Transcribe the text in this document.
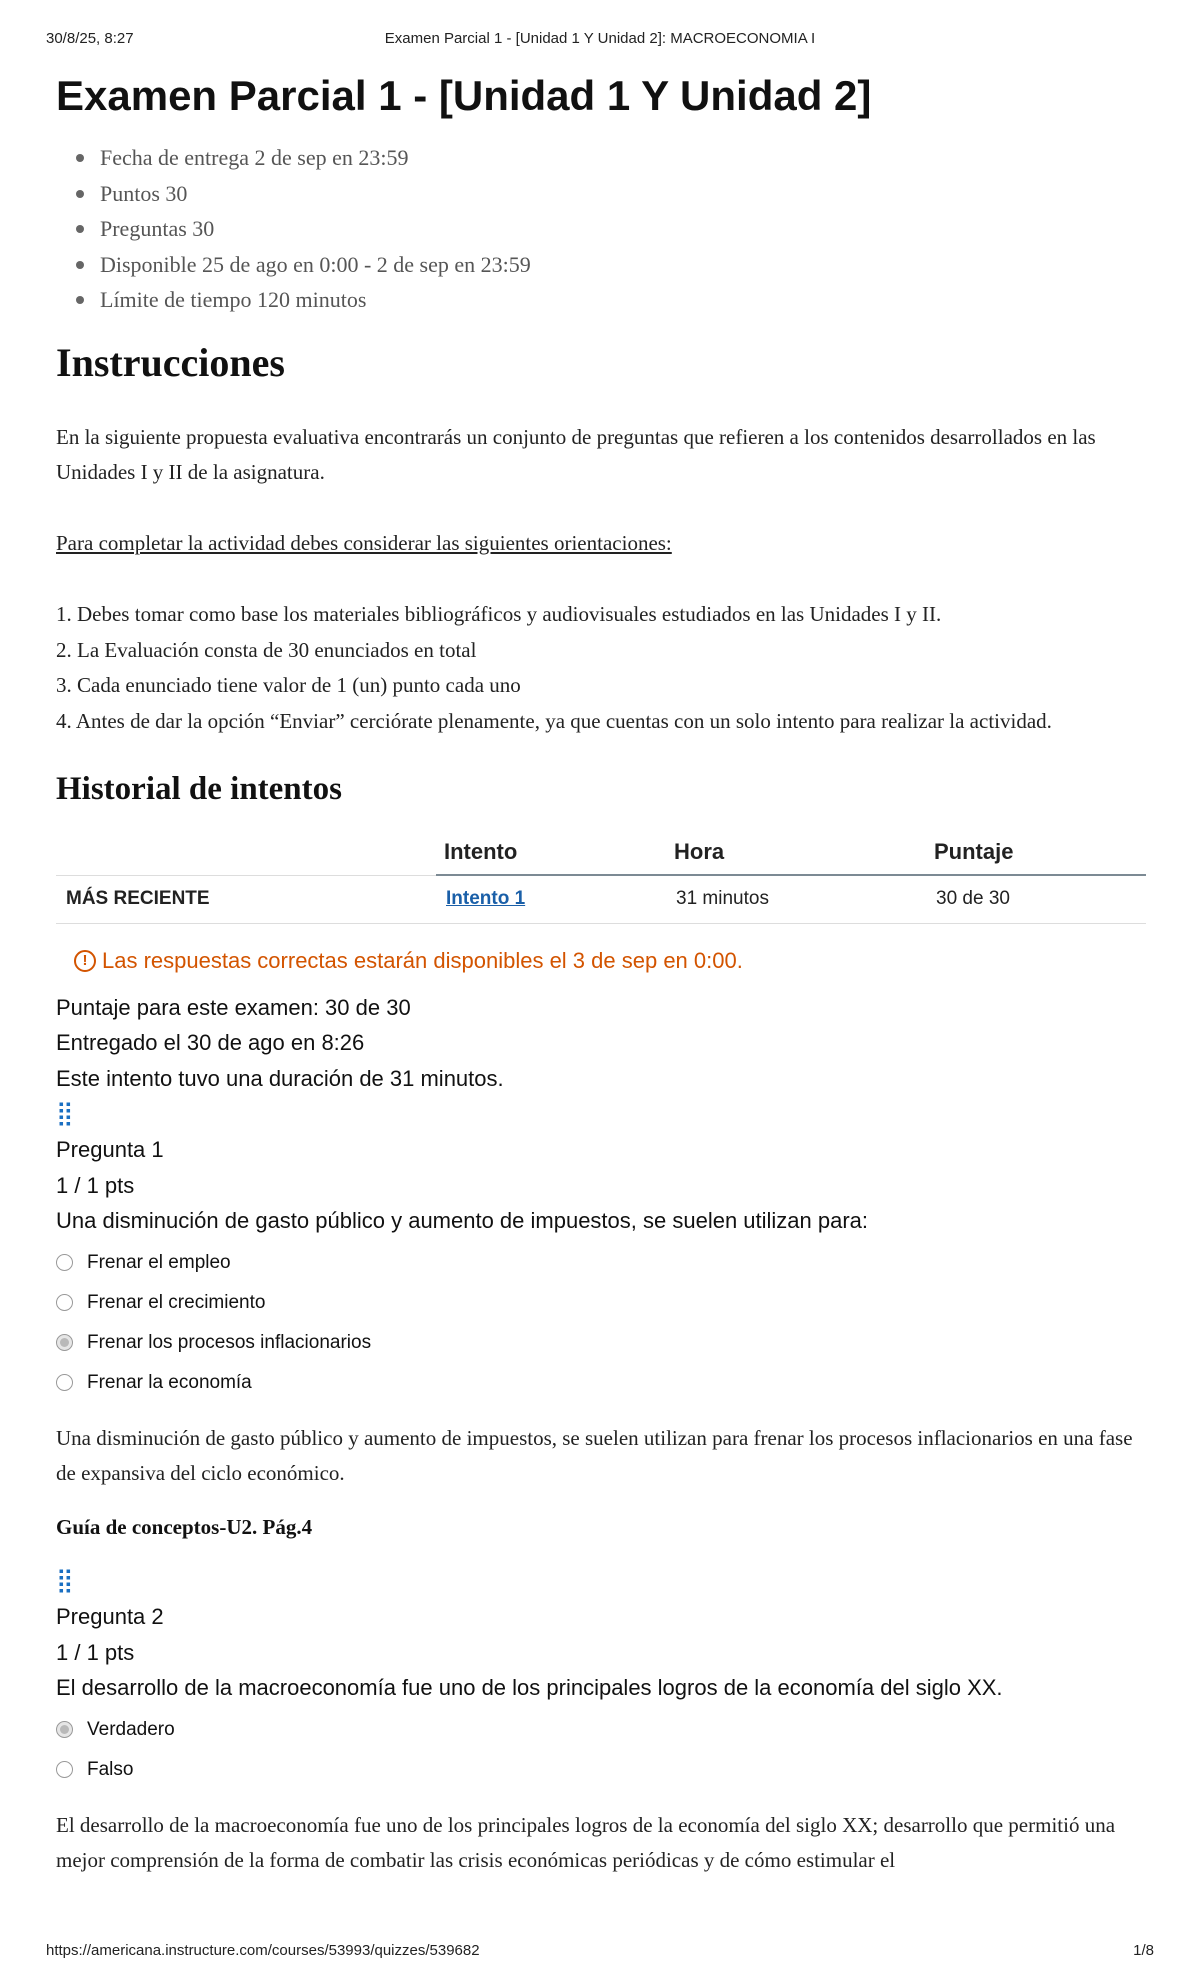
30/8/25, 8:27	Examen Parcial 1 - [Unidad 1 Y Unidad 2]: MACROECONOMIA I
Examen Parcial 1 - [Unidad 1 Y Unidad 2]
Fecha de entrega 2 de sep en 23:59
Puntos 30
Preguntas 30
Disponible 25 de ago en 0:00 - 2 de sep en 23:59
Límite de tiempo 120 minutos
Instrucciones

En la siguiente propuesta evaluativa encontrarás un conjunto de preguntas que refieren a los contenidos desarrollados en las Unidades I y II de la asignatura.

Para completar la actividad debes considerar las siguientes orientaciones:

1. Debes tomar como base los materiales bibliográficos y audiovisuales estudiados en las Unidades I y II.

2. La Evaluación consta de 30 enunciados en total

3. Cada enunciado tiene valor de 1 (un) punto cada uno

4. Antes de dar la opción “Enviar” cerciórate plenamente, ya que cuentas con un solo intento para realizar la actividad.

Historial de intentos
	Intento	Hora	Puntaje
MÁS RECIENTE	Intento 1	31 minutos	30 de 30
! Las respuestas correctas estarán disponibles el 3 de sep en 0:00.
Puntaje para este examen: 30 de 30
Entregado el 30 de ago en 8:26
Este intento tuvo una duración de 31 minutos.
⣿
Pregunta 1
1 / 1 pts
Una disminución de gasto público y aumento de impuestos, se suelen utilizan para:
Frenar el empleo
Frenar el crecimiento
Frenar los procesos inflacionarios
Frenar la economía

Una disminución de gasto público y aumento de impuestos, se suelen utilizan para frenar los procesos inflacionarios en una fase de expansiva del ciclo económico.

Guía de conceptos-U2. Pág.4
⣿
Pregunta 2
1 / 1 pts
El desarrollo de la macroeconomía fue uno de los principales logros de la economía del siglo XX.
Verdadero
Falso

El desarrollo de la macroeconomía fue uno de los principales logros de la economía del siglo XX; desarrollo que permitió una mejor comprensión de la forma de combatir las crisis económicas periódicas y de cómo estimular el

https://americana.instructure.com/courses/53993/quizzes/539682	1/8
